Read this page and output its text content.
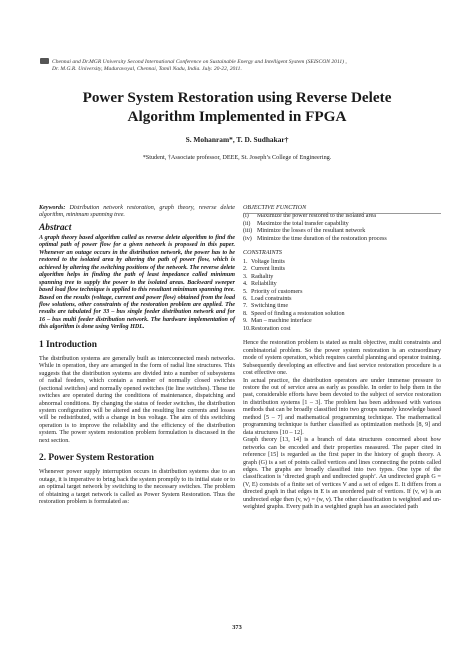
Chennai and Dr.MGR University Second International Conference on Sustainable Energy and Intelligent System (SEISCON 2011) ,
Dr. M.G.R. University, Maduravoyal, Chennai, Tamil Nadu, India. July. 20-22, 2011.
Power System Restoration using Reverse Delete
Algorithm Implemented in FPGA
S. Mohanram*, T. D. Sudhakar†
*Student, †Associate professor, DEEE, St. Joseph’s College of Engineering.

Keywords: Distribution network restoration, graph theory, reverse delete algorithm, minimum spanning tree.

Abstract

A graph theory based algorithm called as reverse delete algorithm to find the optimal path of power flow for a given network is proposed in this paper. Whenever an outage occurs in the distribution network, the power has to be restored to the isolated area by altering the path of power flow, which is achieved by altering the switching positions of the network. The reverse delete algorithm helps in finding the path of least impedance called minimum spanning tree to supply the power to the isolated areas. Backward sweeper based load flow technique is applied to this resultant minimum spanning tree. Based on the results (voltage, current and power flow) obtained from the load flow solutions, other constraints of the restoration problem are applied. The results are tabulated for 33 – bus single feeder distribution network and for 16 – bus multi feeder distribution network. The hardware implementation of this algorithm is done using Verilog HDL.

1 Introduction

The distribution systems are generally built as interconnected mesh networks. While in operation, they are arranged in the form of radial line structures. This suggests that the distribution systems are divided into a number of subsystems of radial feeders, which contain a number of normally closed switches (sectional switches) and normally opened switches (tie line switches). These tie switches are operated during the conditions of maintenance, dispatching and abnormal conditions. By changing the status of feeder switches, the distribution system configuration will be altered and the resulting line currents and losses will be redistributed, with a change in bus voltage. The aim of this switching operation is to improve the reliability and the efficiency of the distribution system. The power system restoration problem formulation is discussed in the next section.

2. Power System Restoration

Whenever power supply interruption occurs in distribution systems due to an outage, it is imperative to bring back the system promptly to its initial state or to an optimal target network by switching to the necessary switches. The problem of obtaining a target network is called as Power System Restoration. Thus the restoration problem is formulated as:

OBJECTIVE FUNCTION
(i)	Maximize the power restored to the isolated area
(ii)	Maximize the total transfer capability
(iii) Minimize the losses of the resultant network
(iv) Minimize the time duration of the restoration process
CONSTRAINTS
1. Voltage limits
2. Current limits
3. Radiality
4. Reliability
5. Priority of customers
6. Load constraints
7. Switching time
8. Speed of finding a restoration solution
9. Man – machine interface
10. Restoration cost

Hence the restoration problem is stated as multi objective, multi constraints and combinatorial problem. So the power system restoration is an extraordinary mode of system operation, which requires careful planning and operator training. Subsequently developing an effective and fast service restoration procedure is a cost effective one.

In actual practice, the distribution operators are under immense pressure to restore the out of service area as early as possible. In order to help them in the past, considerable efforts have been devoted to the subject of service restoration in distribution systems [1 – 3]. The problem has been addressed with various methods that can be broadly classified into two groups namely knowledge based method [5 – 7] and mathematical programming technique. The mathematical programming technique is further classified as optimization methods [8, 9] and data structures [10 – 12].

Graph theory [13, 14] is a branch of data structures concerned about how networks can be encoded and their properties measured. The paper cited in reference [15] is regarded as the first paper in the history of graph theory. A graph (G) is a set of points called vertices and lines connecting the points called edges. The graphs are broadly classified into two types. One type of the classification is ‘directed graph and undirected graph’. An undirected graph G = (V, E) consists of a finite set of vertices V and a set of edges E. It differs from a directed graph in that edges in E is an unordered pair of vertices. If (v, w) is an undirected edge then (v, w) = (w, v). The other classification is weighted and un-weighted graphs. Every path in a weighted graph has an associated path

373
